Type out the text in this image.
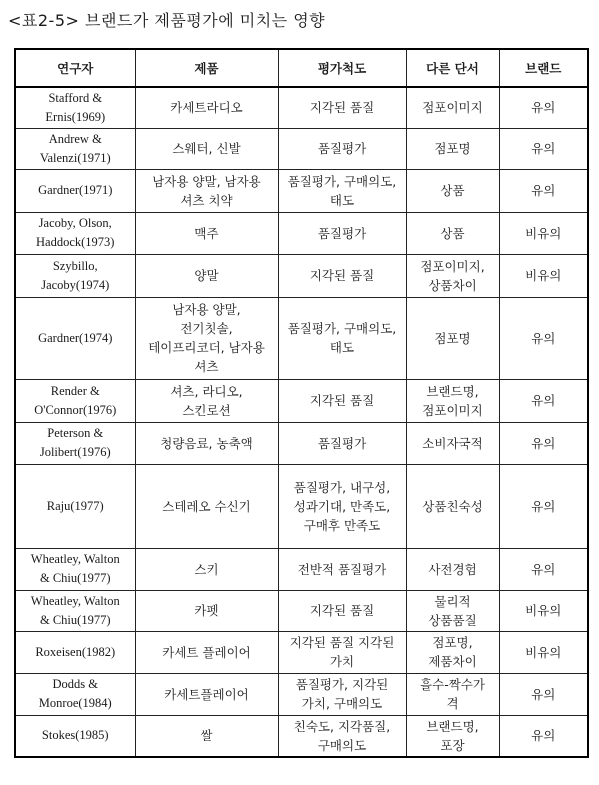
<표2-5> 브랜드가 제품평가에 미치는 영향
연구자	제품	평가척도	다른 단서	브랜드

Stafford &
Ernis(1969)	카세트라디오	지각된 품질	점포이미지	유의

Andrew &
Valenzi(1971)	스웨터, 신발	품질평가	점포명	유의

Gardner(1971)	남자용 양말, 남자용
셔츠 치약	품질평가, 구매의도,
태도	상품	유의

Jacoby, Olson,
Haddock(1973)	맥주	품질평가	상품	비유의

Szybillo,
Jacoby(1974)	양말	지각된 품질	점포이미지,
상품차이	비유의

Gardner(1974)	남자용 양말,
전기칫솔,
테이프리코더, 남자용
셔츠	품질평가, 구매의도,
태도	점포명	유의

Render &
O'Connor(1976)	셔츠, 라디오,
스킨로션	지각된 품질	브랜드명,
점포이미지	유의

Peterson &
Jolibert(1976)	청량음료, 농축액	품질평가	소비자국적	유의

Raju(1977)	스테레오 수신기	품질평가, 내구성,
성과기대, 만족도,
구매후 만족도	상품친숙성	유의

Wheatley, Walton
& Chiu(1977)	스키	전반적 품질평가	사전경험	유의

Wheatley, Walton
& Chiu(1977)	카펫	지각된 품질	물리적
상품품질	비유의

Roxeisen(1982)	카세트 플레이어	지각된 품질 지각된
가치	점포명,
제품차이	비유의

Dodds &
Monroe(1984)	카세트플레이어	품질평가, 지각된
가치, 구매의도	흘수-짝수가
격	유의

Stokes(1985)	쌀	친숙도, 지각품질,
구매의도	브랜드명,
포장	유의
